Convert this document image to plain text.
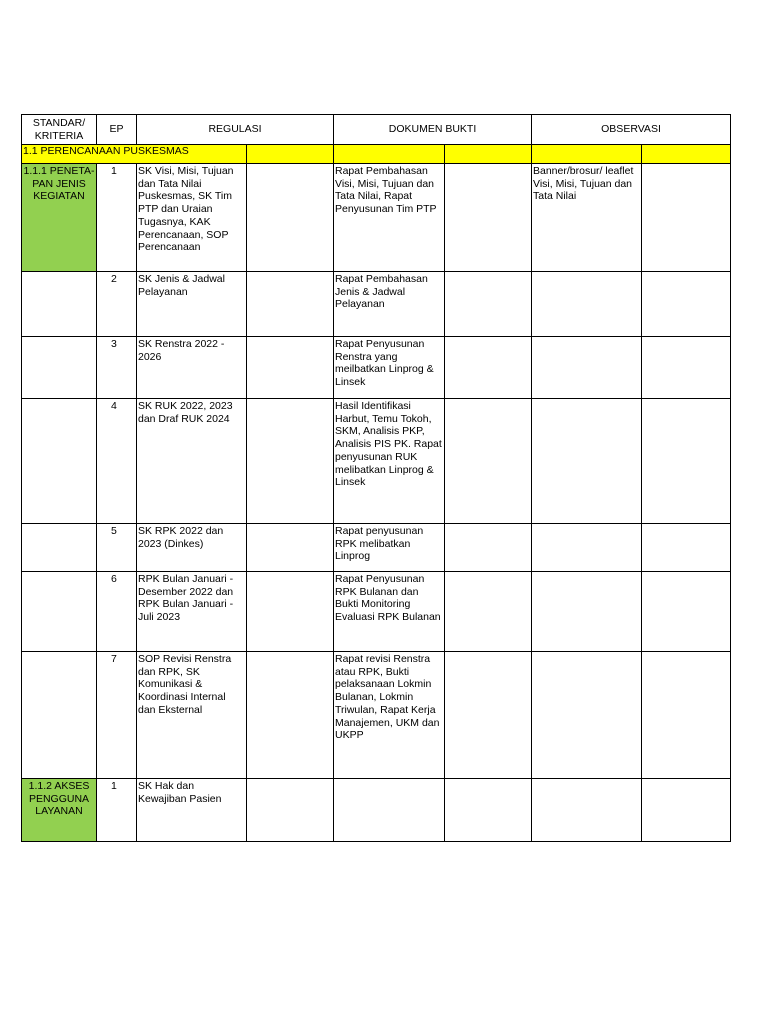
STANDAR/ KRITERIA	EP	REGULASI		DOKUMEN BUKTI		OBSERVASI	
1.1 PERENCANAAN PUSKESMAS							
1.1.1 PENETA-PAN JENIS KEGIATAN	1	SK Visi, Misi, Tujuan dan Tata Nilai Puskesmas, SK Tim PTP dan Uraian Tugasnya, KAK Perencanaan, SOP Perencanaan		Rapat Pembahasan Visi, Misi, Tujuan dan Tata Nilai, Rapat Penyusunan Tim PTP		Banner/brosur/ leaflet Visi, Misi, Tujuan dan Tata Nilai	
	2	SK Jenis & Jadwal Pelayanan		Rapat Pembahasan Jenis & Jadwal Pelayanan			
	3	SK Renstra 2022 - 2026		Rapat Penyusunan Renstra yang meilbatkan Linprog & Linsek			
	4	SK RUK 2022, 2023 dan Draf RUK 2024		Hasil Identifikasi Harbut, Temu Tokoh, SKM, Analisis PKP, Analisis PIS PK. Rapat penyusunan RUK melibatkan Linprog & Linsek			
	5	SK RPK 2022 dan 2023 (Dinkes)		Rapat penyusunan RPK melibatkan Linprog			
	6	RPK Bulan Januari - Desember 2022 dan RPK Bulan Januari - Juli 2023		Rapat Penyusunan RPK Bulanan dan Bukti Monitoring Evaluasi RPK Bulanan			
	7	SOP Revisi Renstra dan RPK, SK Komunikasi & Koordinasi Internal dan Eksternal		Rapat revisi Renstra atau RPK, Bukti pelaksanaan Lokmin Bulanan, Lokmin Triwulan, Rapat Kerja Manajemen, UKM dan UKPP			
1.1.2 AKSES PENGGUNA LAYANAN	1	SK Hak dan Kewajiban Pasien					
